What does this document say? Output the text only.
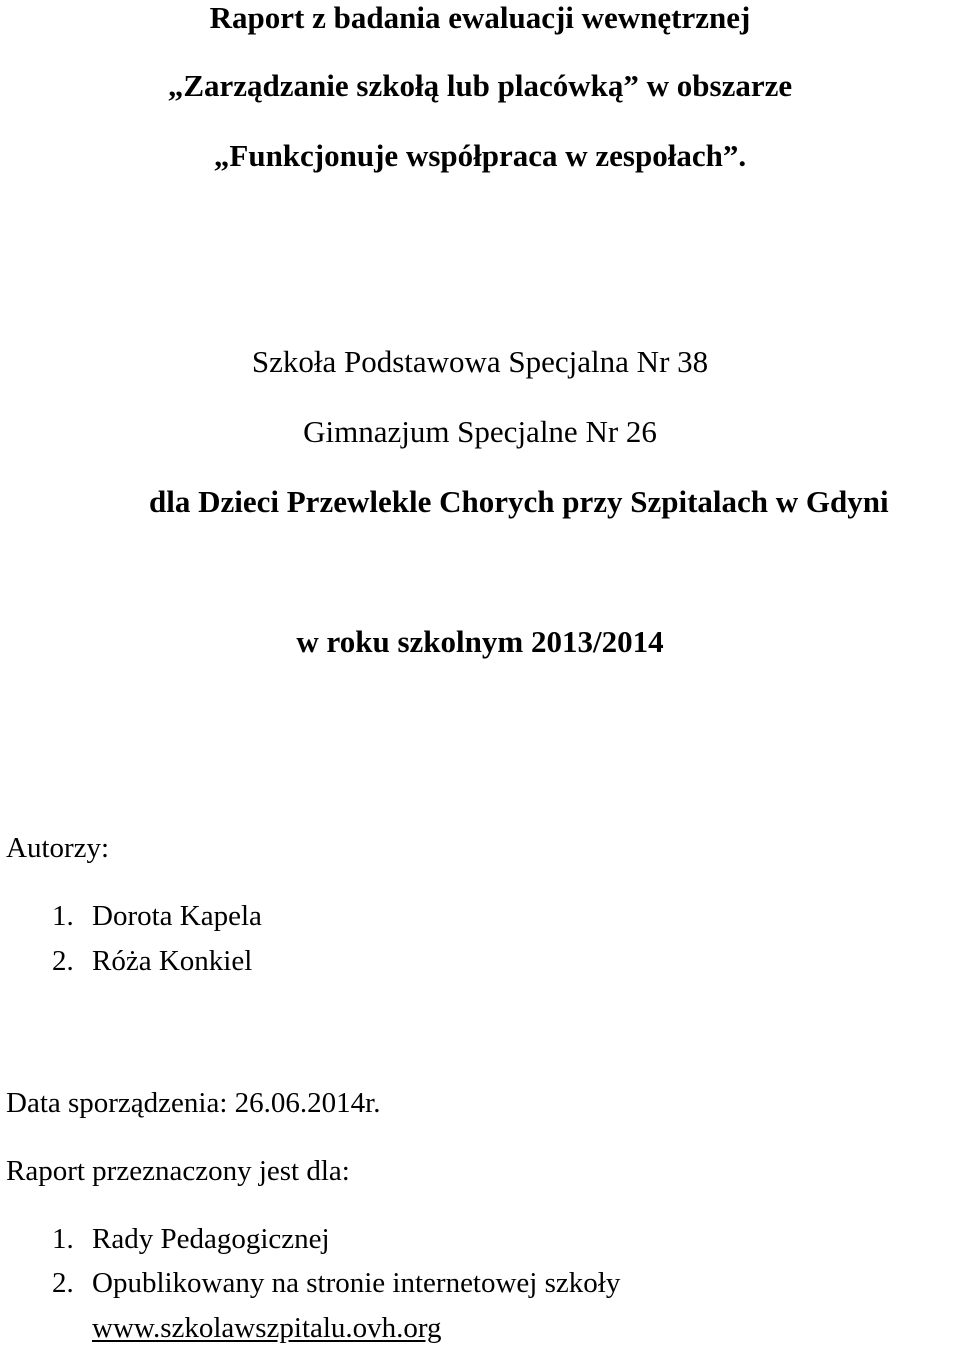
Raport z badania ewaluacji wewnętrznej
„Zarządzanie szkołą lub placówką” w obszarze
„Funkcjonuje współpraca w zespołach”.
Szkoła Podstawowa Specjalna Nr 38
Gimnazjum Specjalne Nr 26
dla Dzieci Przewlekle Chorych przy Szpitalach w Gdyni
w roku szkolnym 2013/2014
Autorzy:
1. Dorota Kapela
2. Róża Konkiel
Data sporządzenia: 26.06.2014r.
Raport przeznaczony jest dla:
1. Rady Pedagogicznej
2. Opublikowany na stronie internetowej szkoły
www.szkolawszpitalu.ovh.org
